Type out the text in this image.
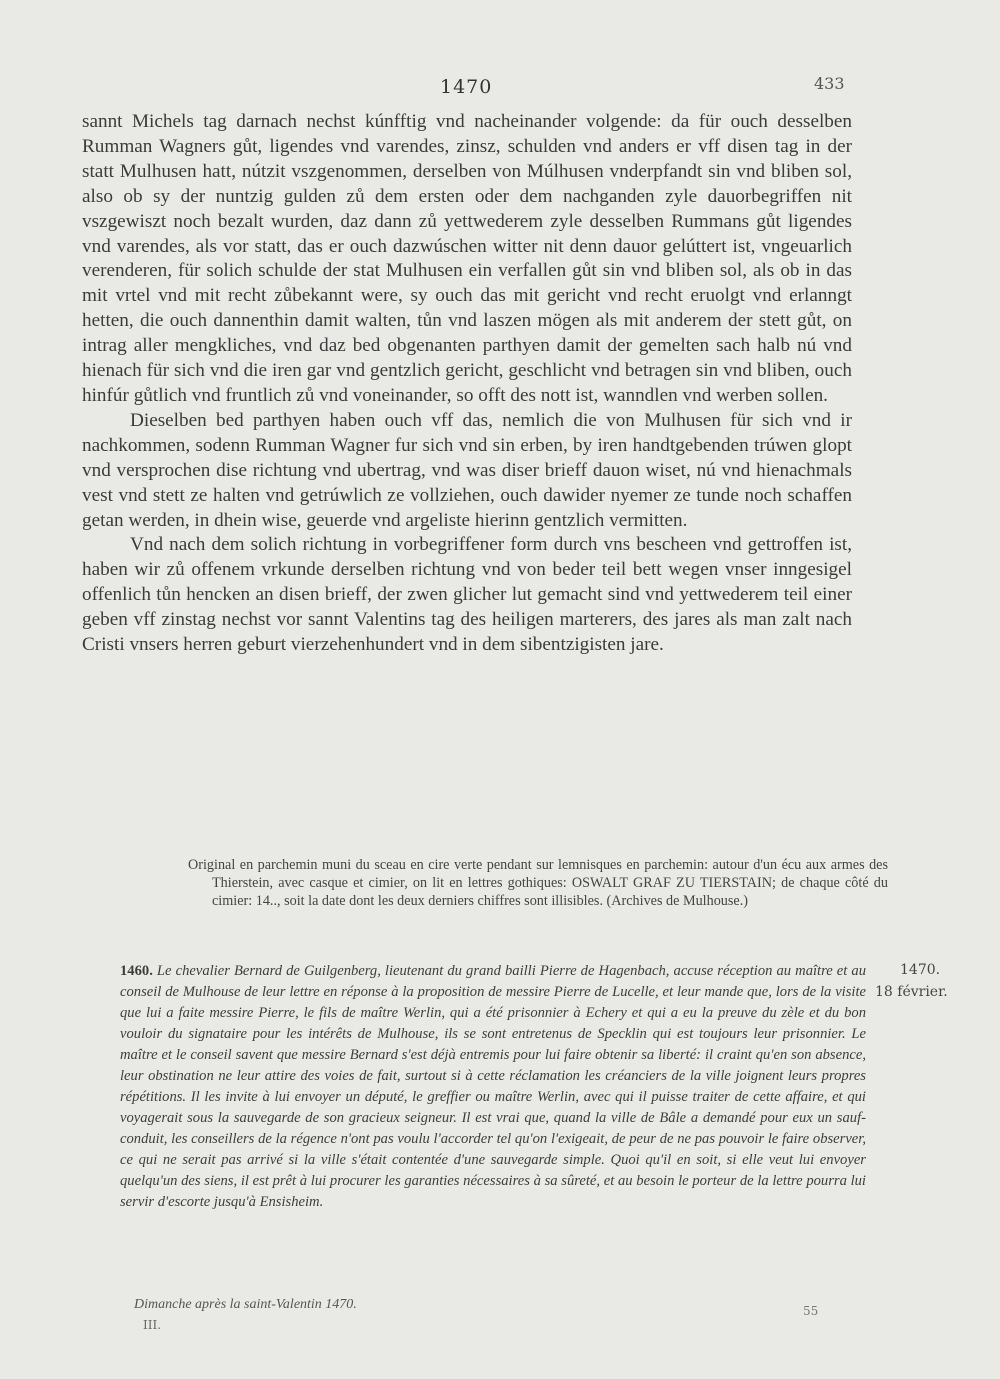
1470	433

sannt Michels tag darnach nechst kúnfftig vnd nacheinander volgende: da für ouch desselben Rumman Wagners gůt, ligendes vnd varendes, zinsz, schulden vnd anders er vff disen tag in der statt Mulhusen hatt, nútzit vszgenommen, derselben von Múlhusen vnderpfandt sin vnd bliben sol, also ob sy der nuntzig gulden zů dem ersten oder dem nachganden zyle dauorbegriffen nit vszgewiszt noch bezalt wurden, daz dann zů yettwederem zyle desselben Rummans gůt ligendes vnd varendes, als vor statt, das er ouch dazwúschen witter nit denn dauor gelúttert ist, vngeuarlich verenderen, für solich schulde der stat Mulhusen ein verfallen gůt sin vnd bliben sol, als ob in das mit vrtel vnd mit recht zůbekannt were, sy ouch das mit gericht vnd recht eruolgt vnd erlanngt hetten, die ouch dannenthin damit walten, tůn vnd laszen mögen als mit anderem der stett gůt, on intrag aller mengkliches, vnd daz bed obgenanten parthyen damit der gemelten sach halb nú vnd hienach für sich vnd die iren gar vnd gentzlich gericht, geschlicht vnd betragen sin vnd bliben, ouch hinfúr gůtlich vnd fruntlich zů vnd voneinander, so offt des nott ist, wanndlen vnd werben sollen.

Dieselben bed parthyen haben ouch vff das, nemlich die von Mulhusen für sich vnd ir nachkommen, sodenn Rumman Wagner fur sich vnd sin erben, by iren handtgebenden trúwen glopt vnd versprochen dise richtung vnd ubertrag, vnd was diser brieff dauon wiset, nú vnd hienachmals vest vnd stett ze halten vnd getrúwlich ze vollziehen, ouch dawider nyemer ze tunde noch schaffen getan werden, in dhein wise, geuerde vnd argeliste hierinn gentzlich vermitten.

Vnd nach dem solich richtung in vorbegriffener form durch vns bescheen vnd gettroffen ist, haben wir zů offenem vrkunde derselben richtung vnd von beder teil bett wegen vnser inngesigel offenlich tůn hencken an disen brieff, der zwen glicher lut gemacht sind vnd yettwederem teil einer geben vff zinstag nechst vor sannt Valentins tag des heiligen marterers, des jares als man zalt nach Cristi vnsers herren geburt vierzehenhundert vnd in dem sibentzigisten jare.

Original en parchemin muni du sceau en cire verte pendant sur lemnisques en parchemin: autour d'un écu aux armes des Thierstein, avec casque et cimier, on lit en lettres gothiques: OSWALT GRAF ZU TIERSTAIN; de chaque côté du cimier: 14.., soit la date dont les deux derniers chiffres sont illisibles. (Archives de Mulhouse.)
1460. Le chevalier Bernard de Guilgenberg, lieutenant du grand bailli Pierre de Hagenbach, accuse réception au maître et au conseil de Mulhouse de leur lettre en réponse à la proposition de messire Pierre de Lucelle, et leur mande que, lors de la visite que lui a faite messire Pierre, le fils de maître Werlin, qui a été prisonnier à Echery et qui a eu la preuve du zèle et du bon vouloir du signataire pour les intérêts de Mulhouse, ils se sont entretenus de Specklin qui est toujours leur prisonnier. Le maître et le conseil savent que messire Bernard s'est déjà entremis pour lui faire obtenir sa liberté: il craint qu'en son absence, leur obstination ne leur attire des voies de fait, surtout si à cette réclamation les créanciers de la ville joignent leurs propres répétitions. Il les invite à lui envoyer un député, le greffier ou maître Werlin, avec qui il puisse traiter de cette affaire, et qui voyagerait sous la sauvegarde de son gracieux seigneur. Il est vrai que, quand la ville de Bâle a demandé pour eux un sauf-conduit, les conseillers de la régence n'ont pas voulu l'accorder tel qu'on l'exigeait, de peur de ne pas pouvoir le faire observer, ce qui ne serait pas arrivé si la ville s'était contentée d'une sauvegarde simple. Quoi qu'il en soit, si elle veut lui envoyer quelqu'un des siens, il est prêt à lui procurer les garanties nécessaires à sa sûreté, et au besoin le porteur de la lettre pourra lui servir d'escorte jusqu'à Ensisheim.
1470.
18 février.
Dimanche après la saint-Valentin 1470.
III.
55
